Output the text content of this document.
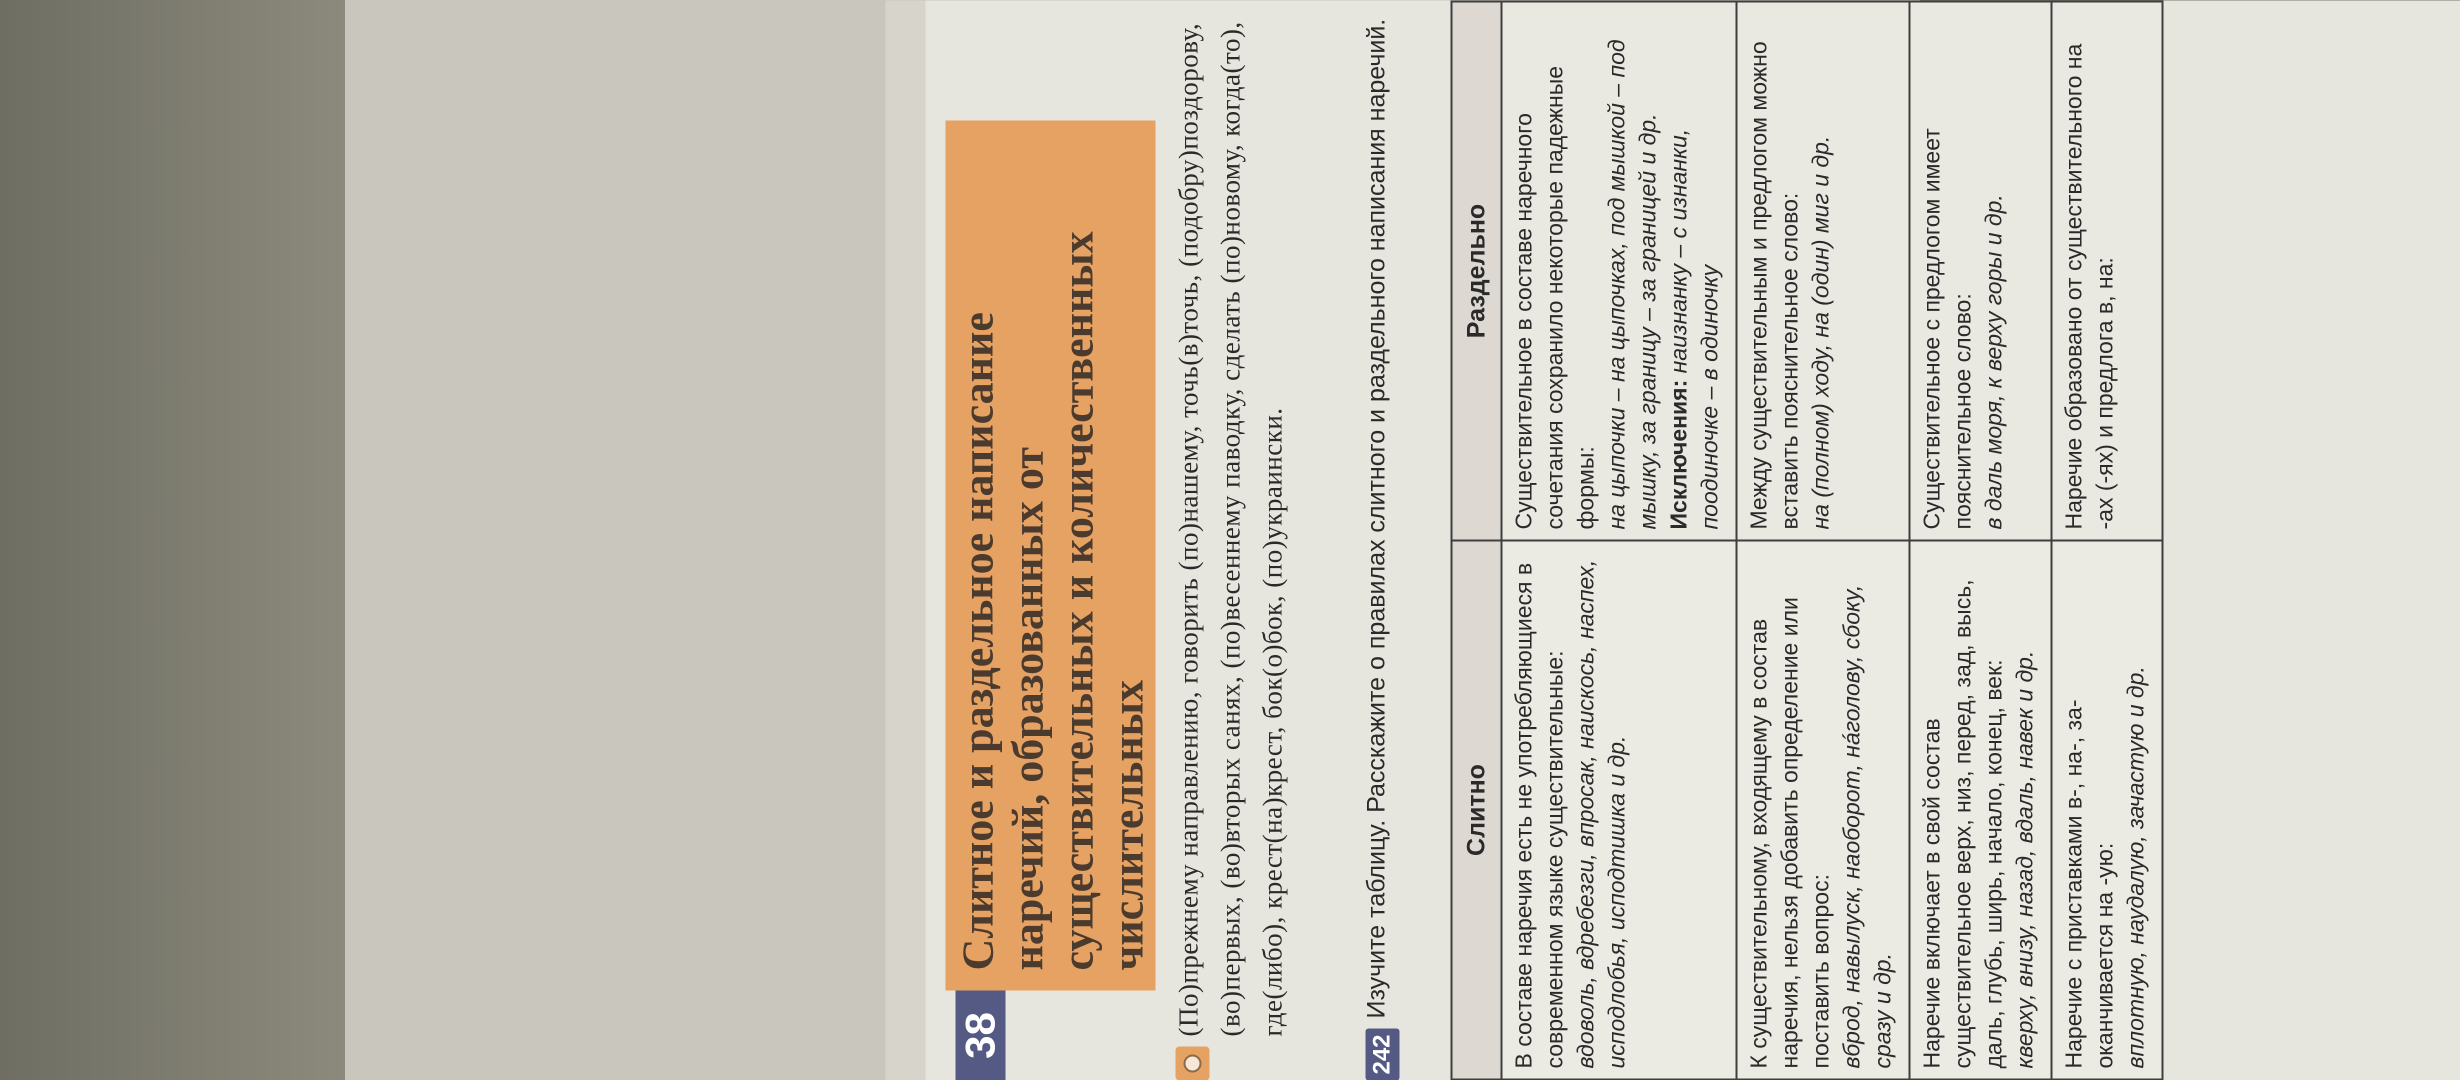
38
Слитное и раздельное написание наречий, образованных от существительных и количественных числительных (По)прежнему направлению, говорить (по)нашему, точь(в)точь, (подобру)поздорову, (во)первых, (во)вторых санях, (по)весеннему паводку, сделать (по)новому, когда(то), где(либо), крест(на)крест, бок(о)бок, (по)украински.
242
Изучите таблицу. Расскажите о правилах слитного и раздельного написания наречий.	Слитно	Раздельно
В составе наречия есть не употребляющиеся в современном языке существительные: вдоволь, вдребезги, впросак, наискось, наспех, исподлобья, исподтишка и др.	Существительное в составе наречного сочетания сохранило некоторые падежные формы: на цыпочки – на цыпочках, под мышкой – под мышку, за границу – за границей и др. Исключения: наизнанку – с изнанки, поодиночке – в одиночку
К существительному, входящему в состав наречия, нельзя добавить определение или поставить вопрос: вброд, навылуск, наоборот, нáголову, сбоку, сразу и др.	Между существительным и предлогом можно вставить пояснительное слово: на (полном) ходу, на (один) миг и др.
Наречие включает в свой состав существительное верх, низ, перед, зад, высь, даль, глубь, ширь, начало, конец, век: кверху, внизу, назад, вдаль, навек и др.	Существительное с предлогом имеет пояснительное слово: в даль моря, к верху горы и др.
Наречие с приставками в-, на-, за- оканчивается на -ую: вплотную, наудалую, зачастую и др.	Наречие образовано от существительного на -ах (-ях) и предлога в, на:
